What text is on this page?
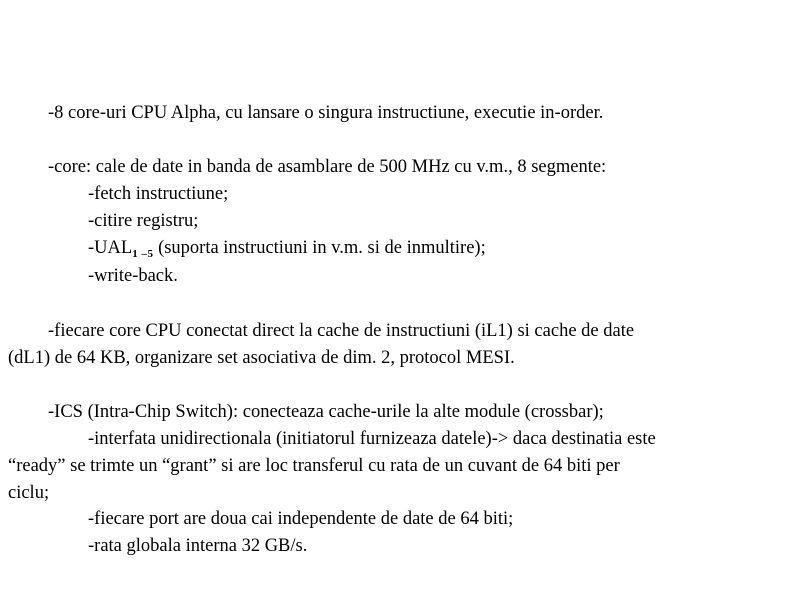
-8 core-uri CPU Alpha, cu lansare o singura instructiune, executie in-order.
-core: cale de date in banda de asamblare de 500 MHz cu v.m., 8 segmente:
-fetch instructiune;
-citire registru;
$-UAL_{1 -5}$ (suporta instructiuni in v.m. si de inmultire);
-write-back.
-fiecare core CPU conectat direct la cache de instructiuni (iL1) si cache de date
(dL1) de 64 KB, organizare set asociativa de dim. 2, protocol MESI.
-ICS (Intra-Chip Switch): conecteaza cache-urile la alte module (crossbar);
-interfata unidirectionala (initiatorul furnizeaza datele)-> daca destinatia este
“ready” se trimte un “grant” si are loc transferul cu rata de un cuvant de 64 biti per
ciclu;
-fiecare port are doua cai independente de date de 64 biti;
-rata globala interna 32 GB/s.
